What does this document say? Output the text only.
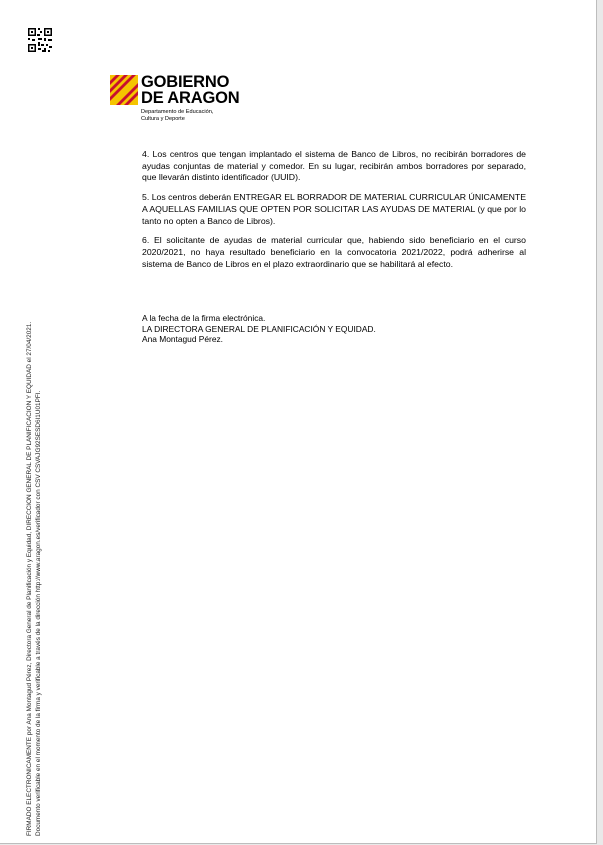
GOBIERNO
DE ARAGON
Departamento de Educación,
Cultura y Deporte

4. Los centros que tengan implantado el sistema de Banco de Libros, no recibirán borradores de ayudas conjuntas de material y comedor. En su lugar, recibirán ambos borradores por separado, que llevarán distinto identificador (UUID).

5. Los centros deberán ENTREGAR EL BORRADOR DE MATERIAL CURRICULAR ÚNICAMENTE A AQUELLAS FAMILIAS QUE OPTEN POR SOLICITAR LAS AYUDAS DE MATERIAL (y que por lo tanto no opten a Banco de Libros).

6. El solicitante de ayudas de material curricular que, habiendo sido beneficiario en el curso 2020/2021, no haya resultado beneficiario en la convocatoria 2021/2022, podrá adherirse al sistema de Banco de Libros en el plazo extraordinario que se habilitará al efecto.

A la fecha de la firma electrónica.
LA DIRECTORA GENERAL DE PLANIFICACIÓN Y EQUIDAD.
Ana Montagud Pérez.
FIRMADO ELECTRÓNICAMENTE por Ana Montagud Pérez, Directora General de Planificación y Equidad, DIRECCIÓN GENERAL DE PLANIFICACIÓN Y EQUIDAD el 27/04/2021. Documento verificable en el momento de la firma y verificable a través de la dirección http://www.aragon.es/verificador con CSV CSVAJG92SESD6I1U01PFI.
